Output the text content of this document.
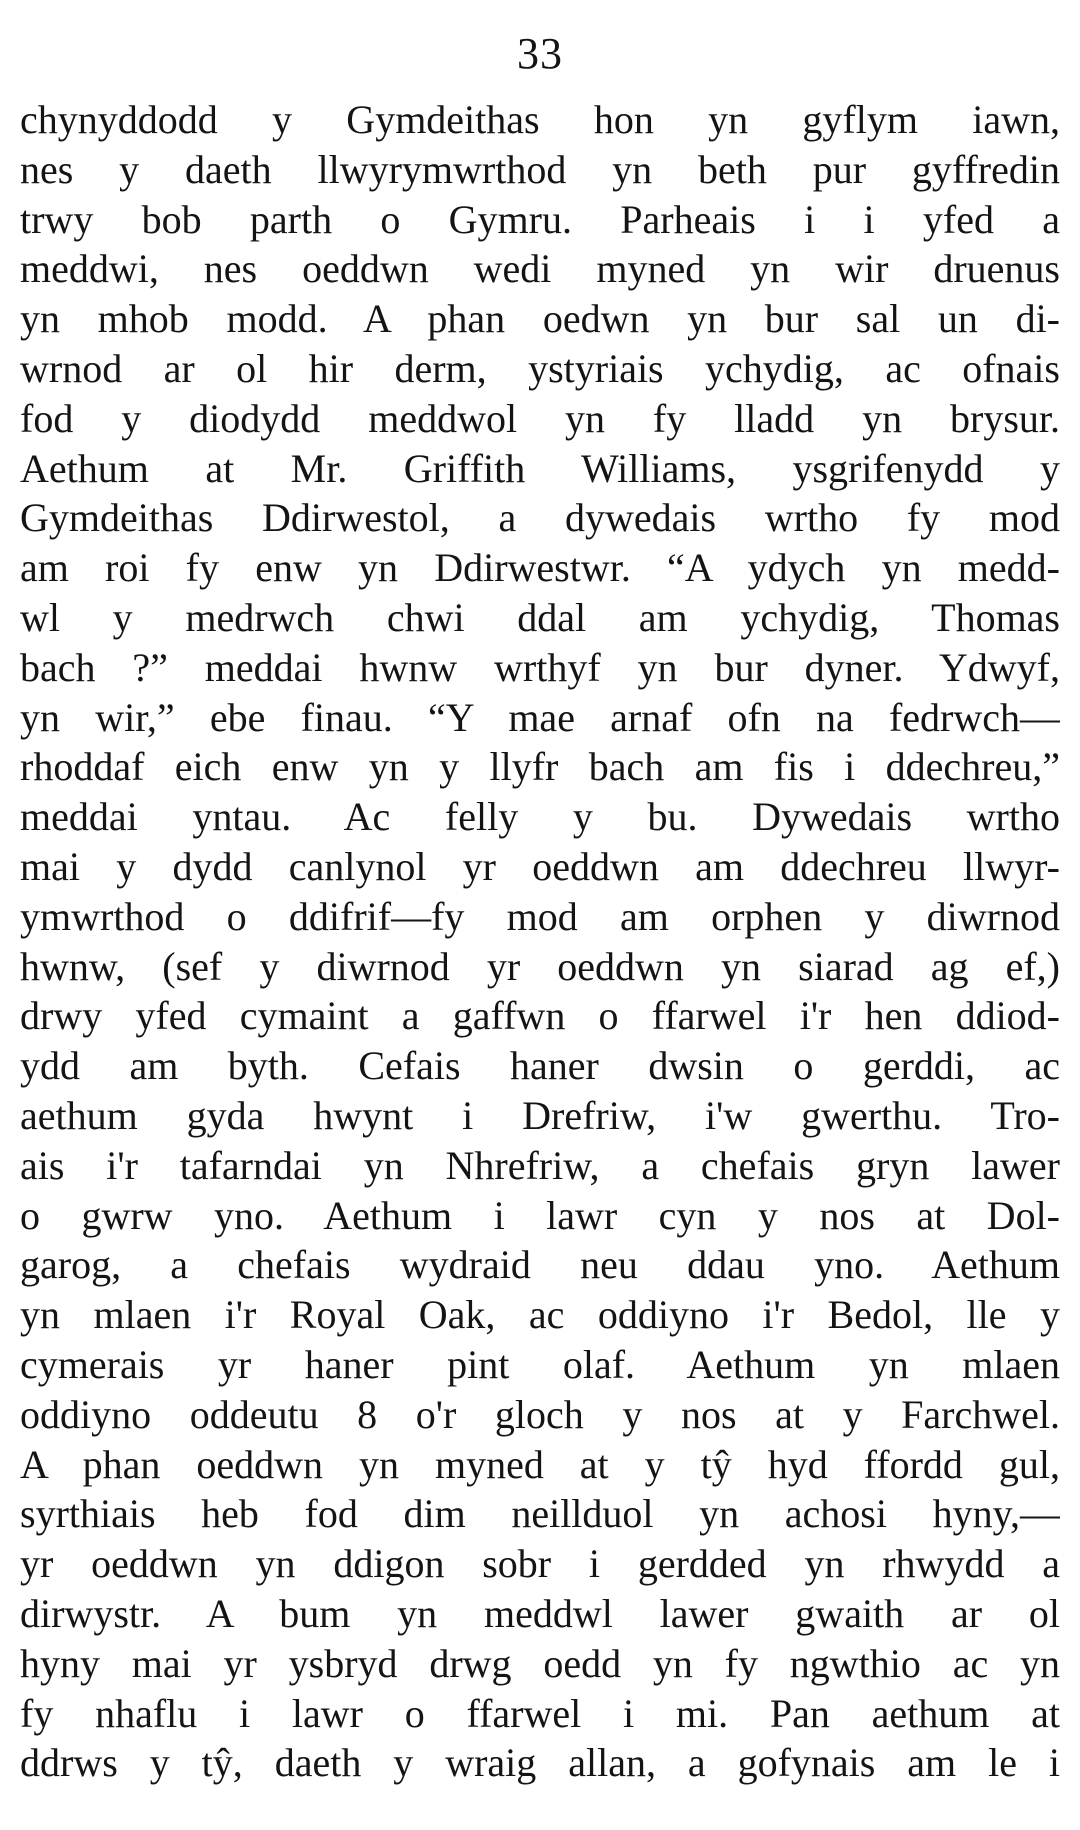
33
chynyddodd y Gymdeithas hon yn gyflym iawn,
nes y daeth llwyrymwrthod yn beth pur gyffredin
trwy bob parth o Gymru. Parheais i i yfed a
meddwi, nes oeddwn wedi myned yn wir druenus
yn mhob modd. A phan oedwn yn bur sal un di-
wrnod ar ol hir derm, ystyriais ychydig, ac ofnais
fod y diodydd meddwol yn fy lladd yn brysur.
Aethum at Mr. Griffith Williams, ysgrifenydd y
Gymdeithas Ddirwestol, a dywedais wrtho fy mod
am roi fy enw yn Ddirwestwr. “A ydych yn medd-
wl y medrwch chwi ddal am ychydig, Thomas
bach ?” meddai hwnw wrthyf yn bur dyner. Ydwyf,
yn wir,” ebe finau. “Y mae arnaf ofn na fedrwch—
rhoddaf eich enw yn y llyfr bach am fis i ddechreu,”
meddai yntau. Ac felly y bu. Dywedais wrtho
mai y dydd canlynol yr oeddwn am ddechreu llwyr-
ymwrthod o ddifrif—fy mod am orphen y diwrnod
hwnw, (sef y diwrnod yr oeddwn yn siarad ag ef,)
drwy yfed cymaint a gaffwn o ffarwel i'r hen ddiod-
ydd am byth. Cefais haner dwsin o gerddi, ac
aethum gyda hwynt i Drefriw, i'w gwerthu. Tro-
ais i'r tafarndai yn Nhrefriw, a chefais gryn lawer
o gwrw yno. Aethum i lawr cyn y nos at Dol-
garog, a chefais wydraid neu ddau yno. Aethum
yn mlaen i'r Royal Oak, ac oddiyno i'r Bedol, lle y
cymerais yr haner pint olaf. Aethum yn mlaen
oddiyno oddeutu 8 o'r gloch y nos at y Farchwel.
A phan oeddwn yn myned at y tŷ hyd ffordd gul,
syrthiais heb fod dim neillduol yn achosi hyny,—
yr oeddwn yn ddigon sobr i gerdded yn rhwydd a
dirwystr. A bum yn meddwl lawer gwaith ar ol
hyny mai yr ysbryd drwg oedd yn fy ngwthio ac yn
fy nhaflu i lawr o ffarwel i mi. Pan aethum at
ddrws y tŷ, daeth y wraig allan, a gofynais am le i
